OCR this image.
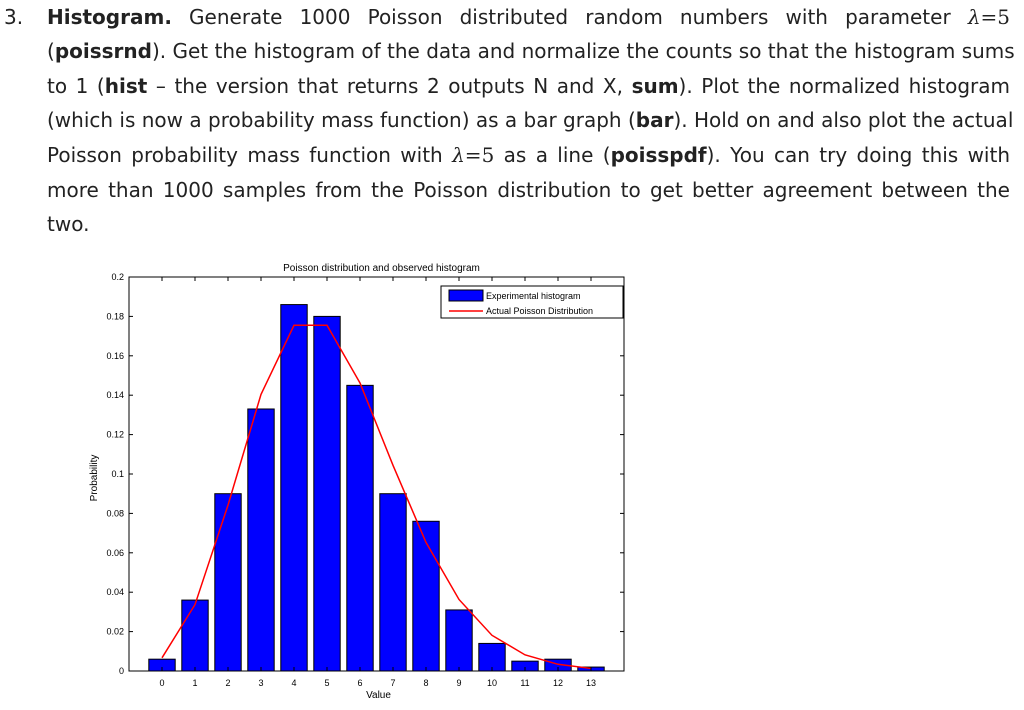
3. Histogram. Generate 1000 Poisson distributed random numbers with parameter λ=5
(poissrnd). Get the histogram of the data and normalize the counts so that the histogram sums
to 1 (hist – the version that returns 2 outputs N and X, sum). Plot the normalized histogram
(which is now a probability mass function) as a bar graph (bar). Hold on and also plot the actual
Poisson probability mass function with λ=5 as a line (poisspdf). You can try doing this with
more than 1000 samples from the Poisson distribution to get better agreement between the
two.
0	1	2	3	4	5	6	7	8	9	10	11	12	13
0
0.02
0.04
0.06
0.08
0.1
0.12
0.14
0.16
0.18
0.2
Poisson distribution and observed histogram
Value
Probability
Experimental histogram
Actual Poisson Distribution
